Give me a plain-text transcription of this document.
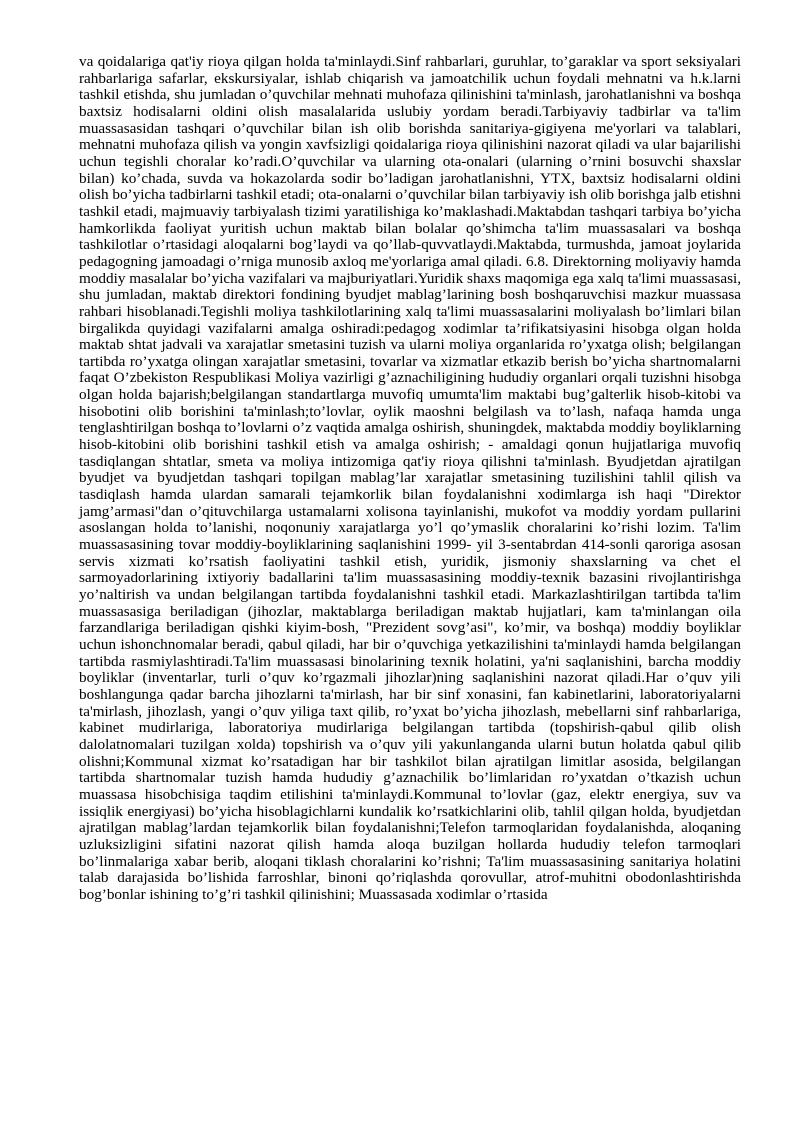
va qoidalariga qat'iy rioya qilgan holda ta'minlaydi.Sinf rahbarlari, guruhlar, to’garaklar va sport seksiyalari rahbarlariga safarlar, ekskursiyalar, ishlab chiqarish va jamoatchilik uchun foydali mehnatni va h.k.larni tashkil etishda, shu jumladan o’quvchilar mehnati muhofaza qilinishini ta'minlash, jarohatlanishni va boshqa baxtsiz hodisalarni oldini olish masalalarida uslubiy yordam beradi.Tarbiyaviy tadbirlar va ta'lim muassasasidan tashqari o’quvchilar bilan ish olib borishda sanitariya-gigiyena me'yorlari va talablari, mehnatni muhofaza qilish va yongin xavfsizligi qoidalariga rioya qilinishini nazorat qiladi va ular bajarilishi uchun tegishli choralar ko’radi.O’quvchilar va ularning ota-onalari (ularning o’rnini bosuvchi shaxslar bilan) ko’chada, suvda va hokazolarda sodir bo’ladigan jarohatlanishni, YTX, baxtsiz hodisalarni oldini olish bo’yicha tadbirlarni tashkil etadi; ota-onalarni o’quvchilar bilan tarbiyaviy ish olib borishga jalb etishni tashkil etadi, majmuaviy tarbiyalash tizimi yaratilishiga ko’maklashadi.Maktabdan tashqari tarbiya bo’yicha hamkorlikda faoliyat yuritish uchun maktab bilan bolalar qo’shimcha ta'lim muassasalari va boshqa tashkilotlar o’rtasidagi aloqalarni bog’laydi va qo’llab-quvvatlaydi.Maktabda, turmushda, jamoat joylarida pedagogning jamoadagi o’rniga munosib axloq me'yorlariga amal qiladi. 6.8. Direktorning moliyaviy hamda moddiy masalalar bo’yicha vazifalari va majburiyatlari.Yuridik shaxs maqomiga ega xalq ta'limi muassasasi, shu jumladan, maktab direktori fondining byudjet mablag’larining bosh boshqaruvchisi mazkur muassasa rahbari hisoblanadi.Tegishli moliya tashkilotlarining xalq ta'limi muassasalarini moliyalash bo’limlari bilan birgalikda quyidagi vazifalarni amalga oshiradi:pedagog xodimlar ta’rifikatsiyasini hisobga olgan holda maktab shtat jadvali va xarajatlar smetasini tuzish va ularni moliya organlarida ro’yxatga olish; belgilangan tartibda ro’yxatga olingan xarajatlar smetasini, tovarlar va xizmatlar etkazib berish bo’yicha shartnomalarni faqat O’zbekiston Respublikasi Moliya vazirligi g’aznachiligining hududiy organlari orqali tuzishni hisobga olgan holda bajarish;belgilangan standartlarga muvofiq umumta'lim maktabi bug’galterlik hisob-kitobi va hisobotini olib borishini ta'minlash;to’lovlar, oylik maoshni belgilash va to’lash, nafaqa hamda unga tenglashtirilgan boshqa to’lovlarni o’z vaqtida amalga oshirish, shuningdek, maktabda moddiy boyliklarning hisob-kitobini olib borishini tashkil etish va amalga oshirish; - amaldagi qonun hujjatlariga muvofiq tasdiqlangan shtatlar, smeta va moliya intizomiga qat'iy rioya qilishni ta'minlash. Byudjetdan ajratilgan byudjet va byudjetdan tashqari topilgan mablag’lar xarajatlar smetasining tuzilishini tahlil qilish va tasdiqlash hamda ulardan samarali tejamkorlik bilan foydalanishni xodimlarga ish haqi "Direktor jamg’armasi"dan o’qituvchilarga ustamalarni xolisona tayinlanishi, mukofot va moddiy yordam pullarini asoslangan holda to’lanishi, noqonuniy xarajatlarga yo’l qo’ymaslik choralarini ko’rishi lozim. Ta'lim muassasasining tovar moddiy-boyliklarining saqlanishini 1999- yil 3-sentabrdan 414-sonli qaroriga asosan servis xizmati ko’rsatish faoliyatini tashkil etish, yuridik, jismoniy shaxslarning va chet el sarmoyadorlarining ixtiyoriy badallarini ta'lim muassasasining moddiy-texnik bazasini rivojlantirishga yo’naltirish va undan belgilangan tartibda foydalanishni tashkil etadi. Markazlashtirilgan tartibda ta'lim muassasasiga beriladigan (jihozlar, maktablarga beriladigan maktab hujjatlari, kam ta'minlangan oila farzandlariga beriladigan qishki kiyim-bosh, "Prezident sovg’asi", ko’mir, va boshqa) moddiy boyliklar uchun ishonchnomalar beradi, qabul qiladi, har bir o’quvchiga yetkazilishini ta'minlaydi hamda belgilangan tartibda rasmiylashtiradi.Ta'lim muassasasi binolarining texnik holatini, ya'ni saqlanishini, barcha moddiy boyliklar (inventarlar, turli o’quv ko’rgazmali jihozlar)ning saqlanishini nazorat qiladi.Har o’quv yili boshlangunga qadar barcha jihozlarni ta'mirlash, har bir sinf xonasini, fan kabinetlarini, laboratoriyalarni ta'mirlash, jihozlash, yangi o’quv yiliga taxt qilib, ro’yxat bo’yicha jihozlash, mebellarni sinf rahbarlariga, kabinet mudirlariga, laboratoriya mudirlariga belgilangan tartibda (topshirish-qabul qilib olish dalolatnomalari tuzilgan xolda) topshirish va o’quv yili yakunlanganda ularni butun holatda qabul qilib olishni;Kommunal xizmat ko’rsatadigan har bir tashkilot bilan ajratilgan limitlar asosida, belgilangan tartibda shartnomalar tuzish hamda hududiy g’aznachilik bo’limlaridan ro’yxatdan o’tkazish uchun muassasa hisobchisiga taqdim etilishini ta'minlaydi.Kommunal to’lovlar (gaz, elektr energiya, suv va issiqlik energiyasi) bo’yicha hisoblagichlarni kundalik ko’rsatkichlarini olib, tahlil qilgan holda, byudjetdan ajratilgan mablag’lardan tejamkorlik bilan foydalanishni;Telefon tarmoqlaridan foydalanishda, aloqaning uzluksizligini sifatini nazorat qilish hamda aloqa buzilgan hollarda hududiy telefon tarmoqlari bo’linmalariga xabar berib, aloqani tiklash choralarini ko’rishni; Ta'lim muassasasining sanitariya holatini talab darajasida bo’lishida farroshlar, binoni qo’riqlashda qorovullar, atrof-muhitni obodonlashtirishda bog’bonlar ishining to’g’ri tashkil qilinishini; Muassasada xodimlar o’rtasida
